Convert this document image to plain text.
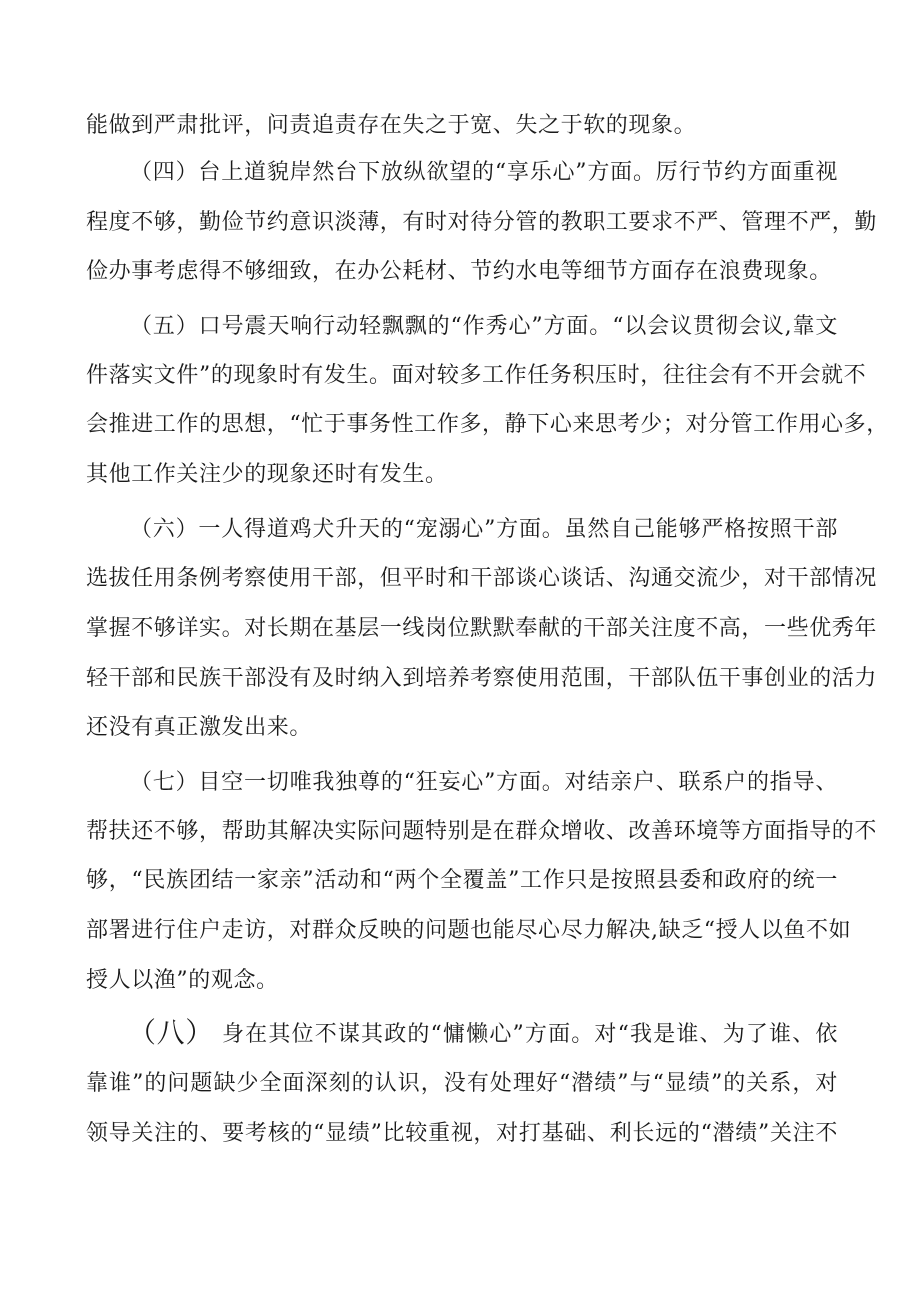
能做到严肃批评，问责追责存在失之于宽、失之于软的现象。
（四）台上道貌岸然台下放纵欲望的“享乐心”方面。厉行节约方面重视
程度不够，勤俭节约意识淡薄，有时对待分管的教职工要求不严、管理不严，勤
俭办事考虑得不够细致，在办公耗材、节约水电等细节方面存在浪费现象。
（五）口号震天响行动轻飘飘的“作秀心”方面。“以会议贯彻会议,靠文
件落实文件”的现象时有发生。面对较多工作任务积压时，往往会有不开会就不
会推进工作的思想，“忙于事务性工作多，静下心来思考少；对分管工作用心多，
其他工作关注少的现象还时有发生。
（六）一人得道鸡犬升天的“宠溺心”方面。虽然自己能够严格按照干部
选拔任用条例考察使用干部，但平时和干部谈心谈话、沟通交流少，对干部情况
掌握不够详实。对长期在基层一线岗位默默奉献的干部关注度不高，一些优秀年
轻干部和民族干部没有及时纳入到培养考察使用范围，干部队伍干事创业的活力
还没有真正激发出来。
（七）目空一切唯我独尊的“狂妄心”方面。对结亲户、联系户的指导、
帮扶还不够，帮助其解决实际问题特别是在群众增收、改善环境等方面指导的不
够，“民族团结一家亲”活动和“两个全覆盖”工作只是按照县委和政府的统一
部署进行住户走访，对群众反映的问题也能尽心尽力解决,缺乏“授人以鱼不如
授人以渔”的观念。
（八） 身在其位不谋其政的“慵懒心”方面。对“我是谁、为了谁、依
靠谁”的问题缺少全面深刻的认识，没有处理好“潜绩”与“显绩”的关系，对
领导关注的、要考核的“显绩”比较重视，对打基础、利长远的“潜绩”关注不
